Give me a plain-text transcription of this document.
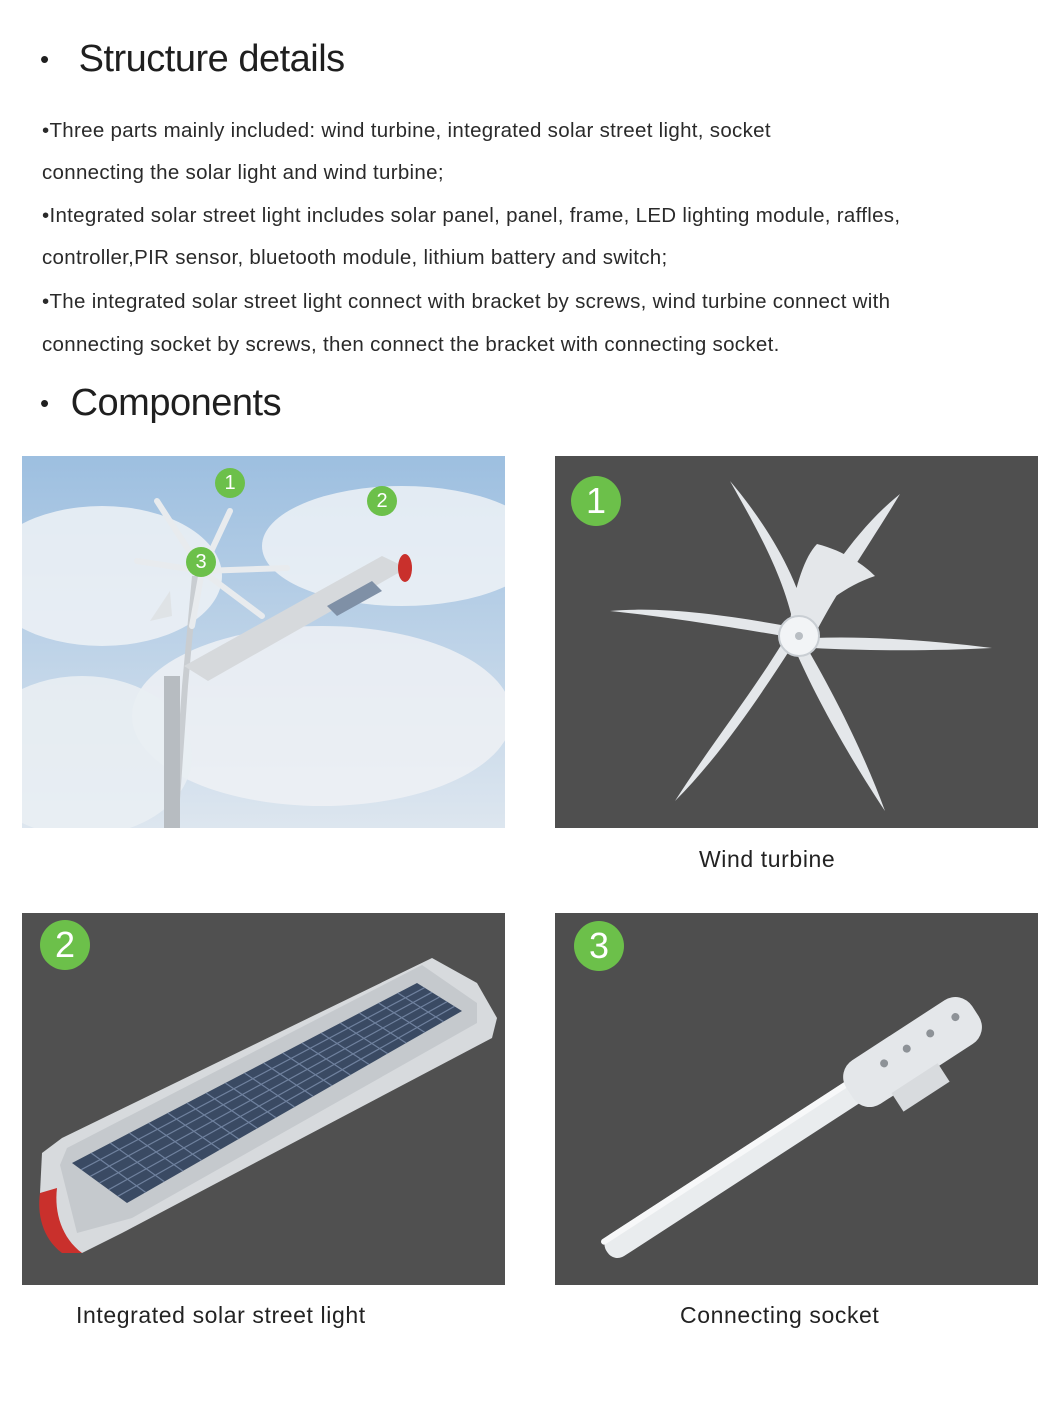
• Structure details
•Three parts mainly included: wind turbine, integrated solar street light, socket
connecting the solar light and wind turbine;
•Integrated solar street light includes solar panel, panel, frame, LED lighting module, raffles,
controller,PIR sensor, bluetooth module, lithium battery and switch;
•The integrated solar street light connect with bracket by screws, wind turbine connect with
connecting socket by screws, then connect the bracket with connecting socket.
• Components
1
2
3
1
2	3
Wind turbine
Integrated solar street light	Connecting socket
